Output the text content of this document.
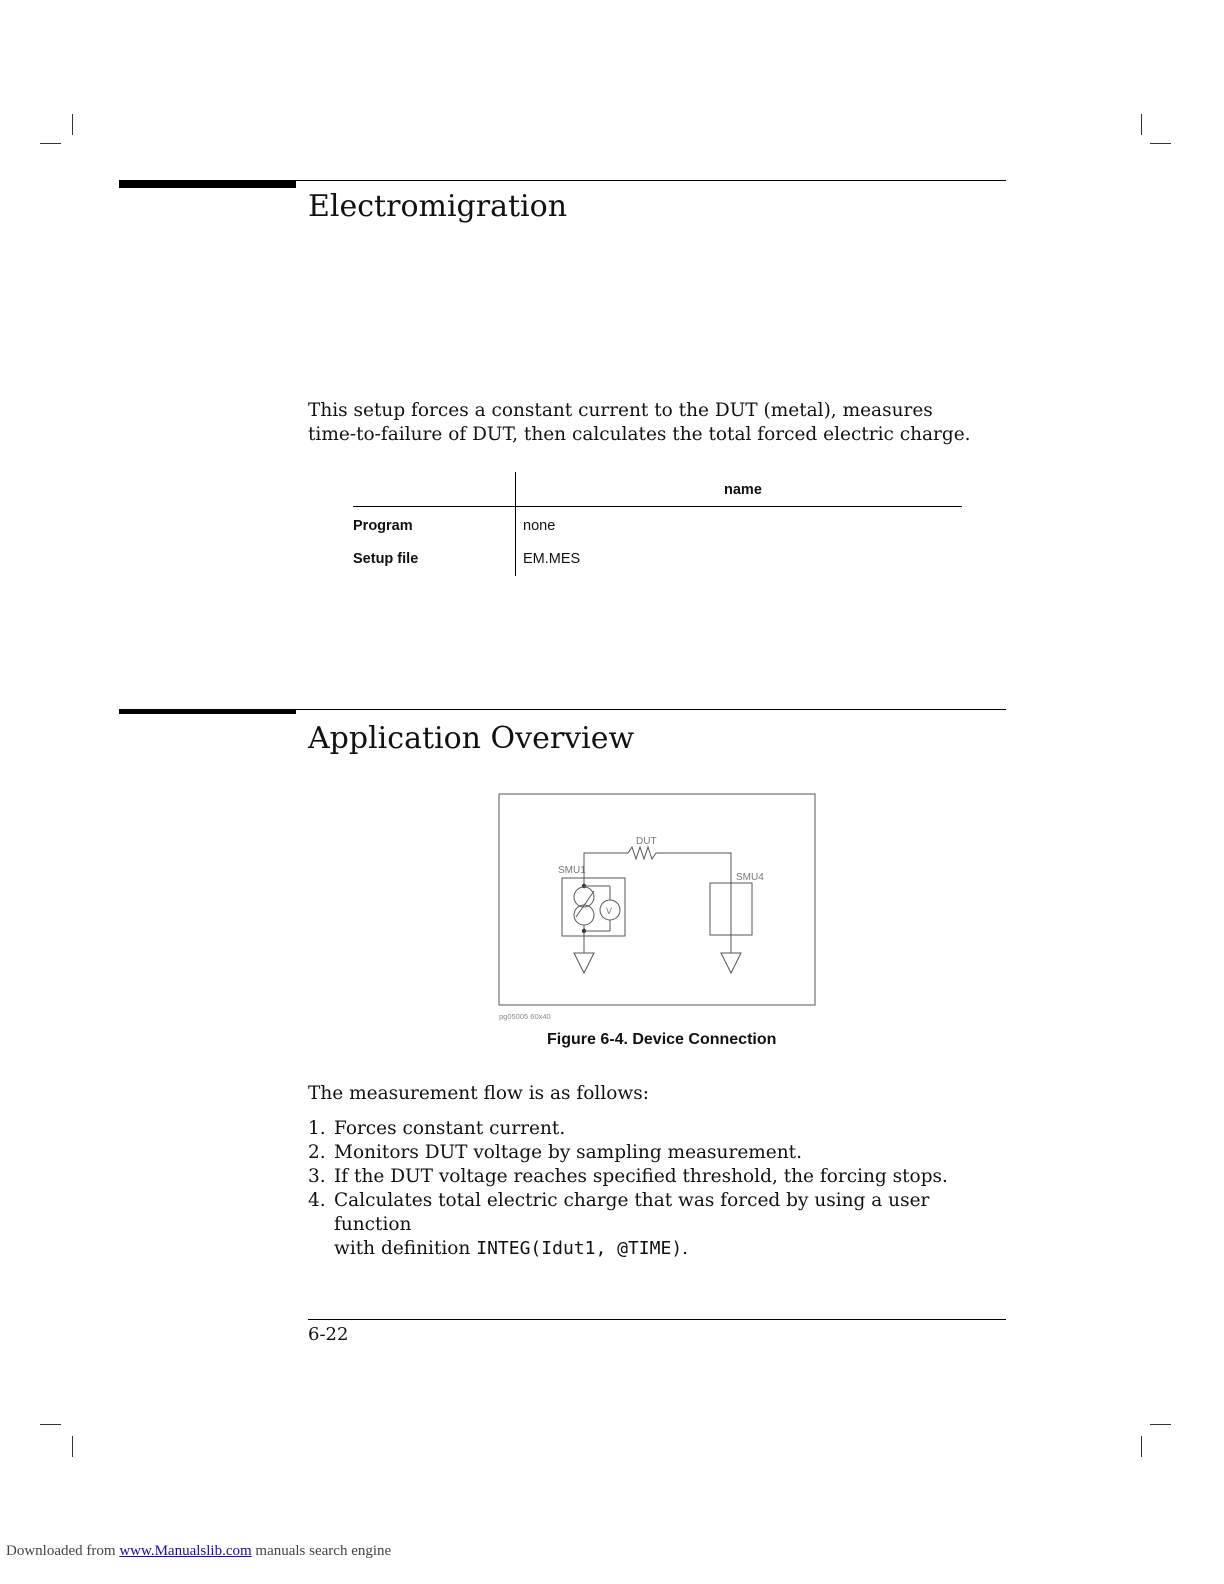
Electromigration

This setup forces a constant current to the DUT (metal), measures

time-to-failure of DUT, then calculates the total forced electric charge.

name
Program	none
Setup file	EM.MES
Application Overview
DUT
SMU1
V
SMU4
pg05005 60x40
Figure 6-4. Device Connection
The measurement flow is as follows:
1. Forces constant current.
2. Monitors DUT voltage by sampling measurement.
3. If the DUT voltage reaches specified threshold, the forcing stops.
4. Calculates total electric charge that was forced by using a user function
with definition INTEG(Idut1, @TIME).
6-22
Downloaded from www.Manualslib.com manuals search engine
